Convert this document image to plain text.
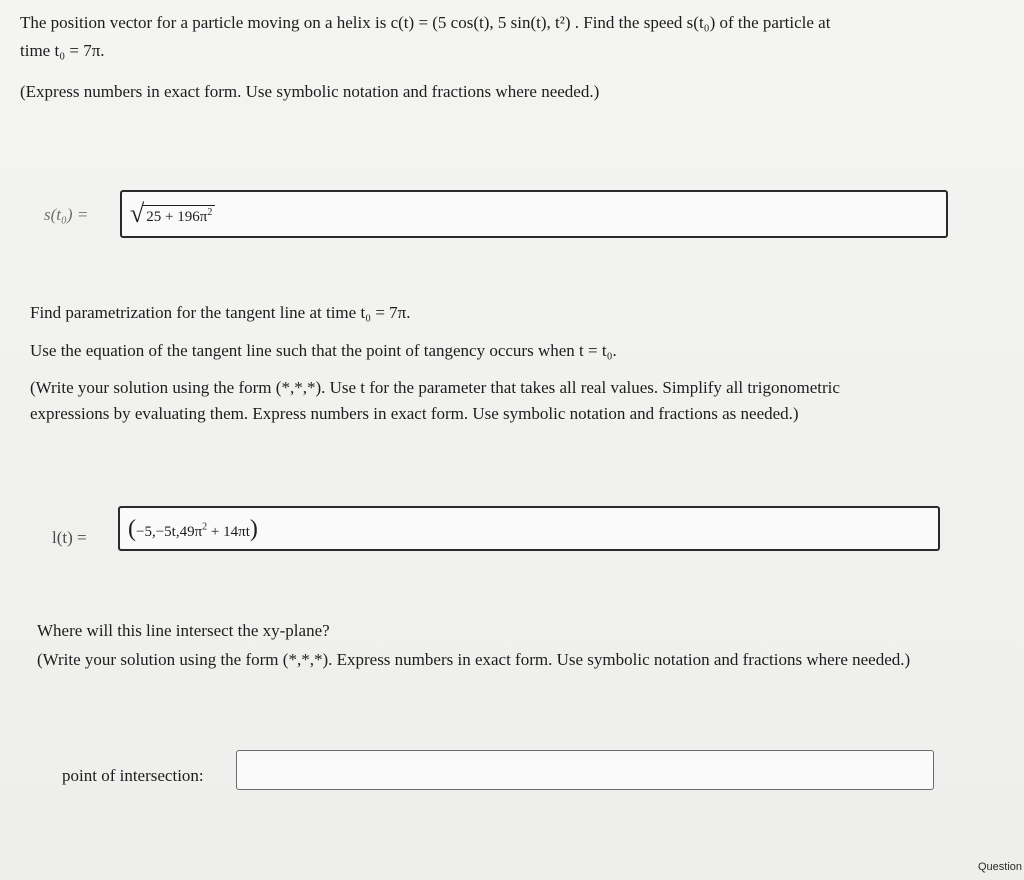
The position vector for a particle moving on a helix is c(t) = (5 cos(t), 5 sin(t), t²) . Find the speed s(t₀) of the particle at
time t₀ = 7π.
(Express numbers in exact form. Use symbolic notation and fractions where needed.)
s(t₀) = √ $25 + 196\pi^2$
Find parametrization for the tangent line at time t₀ = 7π.
Use the equation of the tangent line such that the point of tangency occurs when t = t₀.
(Write your solution using the form (*,*,*). Use t for the parameter that takes all real values. Simplify all trigonometric
expressions by evaluating them. Express numbers in exact form. Use symbolic notation and fractions as needed.)
$l(t) = (-5,-5t,49\pi^2 + 14\pi t)$
Where will this line intersect the xy-plane?
(Write your solution using the form (*,*,*). Express numbers in exact form. Use symbolic notation and fractions where needed.)
point of intersection:
Question
